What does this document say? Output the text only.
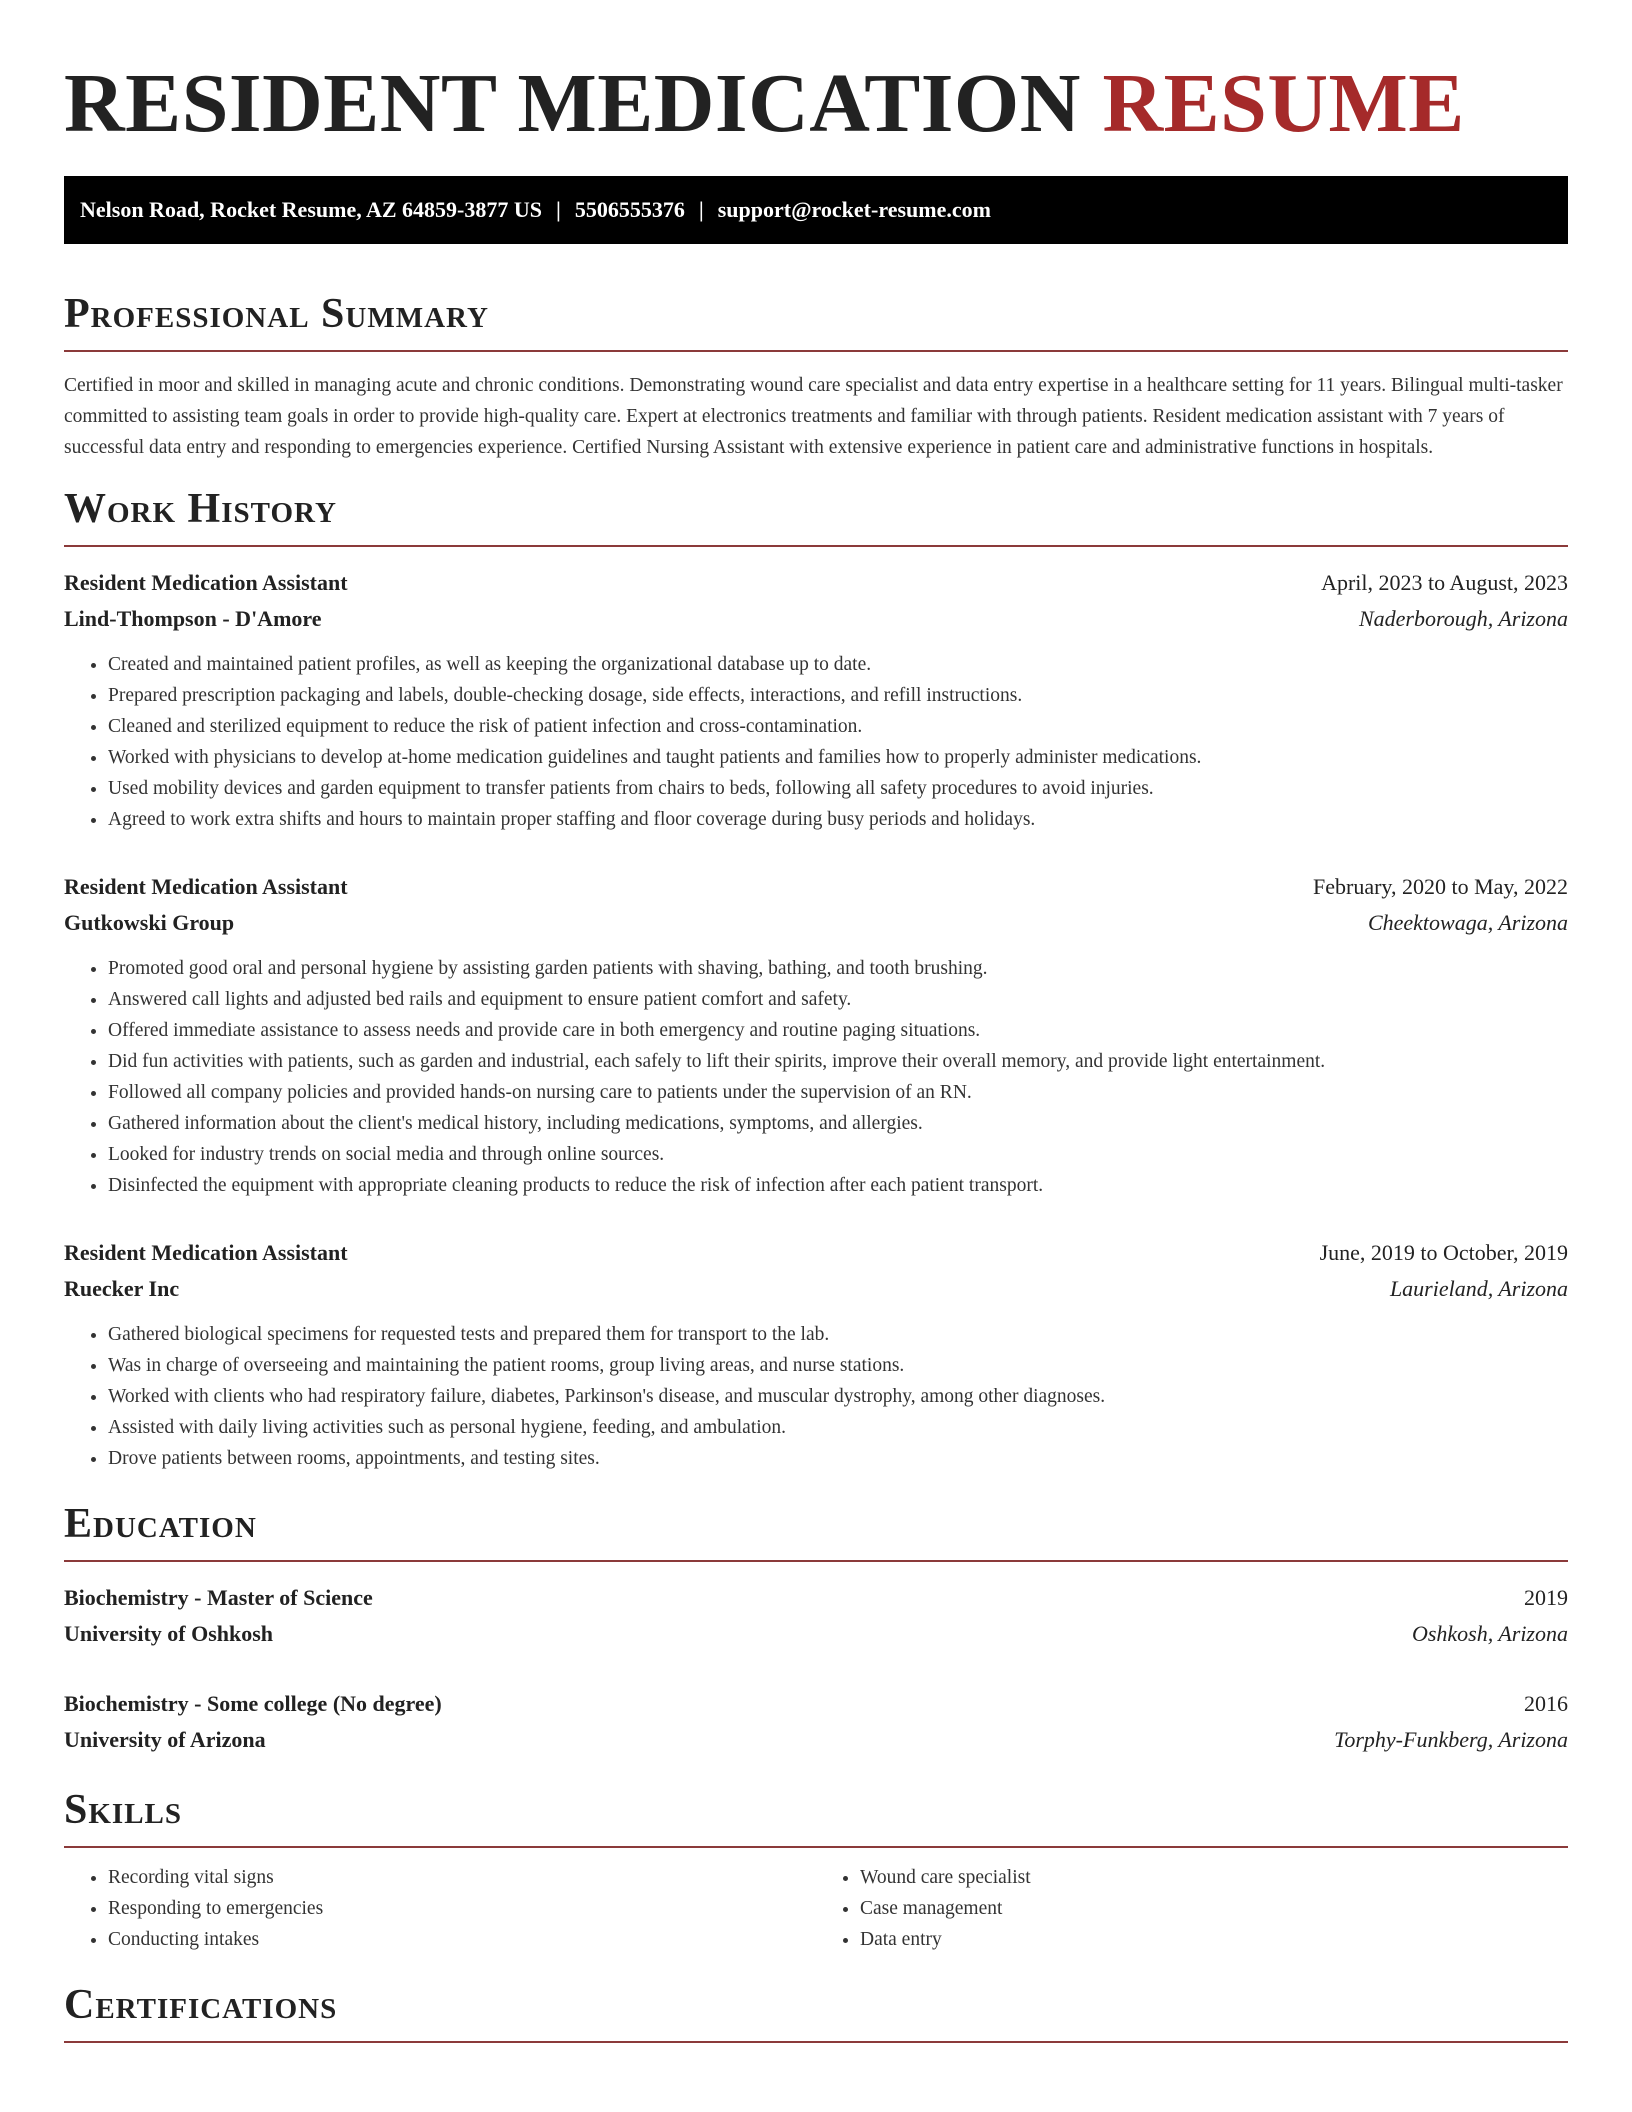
RESIDENT MEDICATION RESUME
Nelson Road, Rocket Resume, AZ 64859-3877 US | 5506555376 | support@rocket-resume.com
Professional Summary

Certified in moor and skilled in managing acute and chronic conditions. Demonstrating wound care specialist and data entry expertise in a healthcare setting for 11 years. Bilingual multi-tasker committed to assisting team goals in order to provide high-quality care. Expert at electronics treatments and familiar with through patients. Resident medication assistant with 7 years of successful data entry and responding to emergencies experience. Certified Nursing Assistant with extensive experience in patient care and administrative functions in hospitals.

Work History
Resident Medication Assistant	April, 2023 to August, 2023
Lind-Thompson - D'Amore	Naderborough, Arizona
• Created and maintained patient profiles, as well as keeping the organizational database up to date.
• Prepared prescription packaging and labels, double-checking dosage, side effects, interactions, and refill instructions.
• Cleaned and sterilized equipment to reduce the risk of patient infection and cross-contamination.
• Worked with physicians to develop at-home medication guidelines and taught patients and families how to properly administer medications.
• Used mobility devices and garden equipment to transfer patients from chairs to beds, following all safety procedures to avoid injuries.
• Agreed to work extra shifts and hours to maintain proper staffing and floor coverage during busy periods and holidays.
Resident Medication Assistant	February, 2020 to May, 2022
Gutkowski Group	Cheektowaga, Arizona
• Promoted good oral and personal hygiene by assisting garden patients with shaving, bathing, and tooth brushing.
• Answered call lights and adjusted bed rails and equipment to ensure patient comfort and safety.
• Offered immediate assistance to assess needs and provide care in both emergency and routine paging situations.
• Did fun activities with patients, such as garden and industrial, each safely to lift their spirits, improve their overall memory, and provide light entertainment.
• Followed all company policies and provided hands-on nursing care to patients under the supervision of an RN.
• Gathered information about the client's medical history, including medications, symptoms, and allergies.
• Looked for industry trends on social media and through online sources.
• Disinfected the equipment with appropriate cleaning products to reduce the risk of infection after each patient transport.
Resident Medication Assistant	June, 2019 to October, 2019
Ruecker Inc	Laurieland, Arizona
• Gathered biological specimens for requested tests and prepared them for transport to the lab.
• Was in charge of overseeing and maintaining the patient rooms, group living areas, and nurse stations.
• Worked with clients who had respiratory failure, diabetes, Parkinson's disease, and muscular dystrophy, among other diagnoses.
• Assisted with daily living activities such as personal hygiene, feeding, and ambulation.
• Drove patients between rooms, appointments, and testing sites.
Education
Biochemistry - Master of Science	2019
University of Oshkosh	Oshkosh, Arizona
Biochemistry - Some college (No degree)	2016
University of Arizona	Torphy-Funkberg, Arizona
Skills
• Recording vital signs
• Responding to emergencies
• Conducting intakes
• Wound care specialist
• Case management
• Data entry
Certifications
